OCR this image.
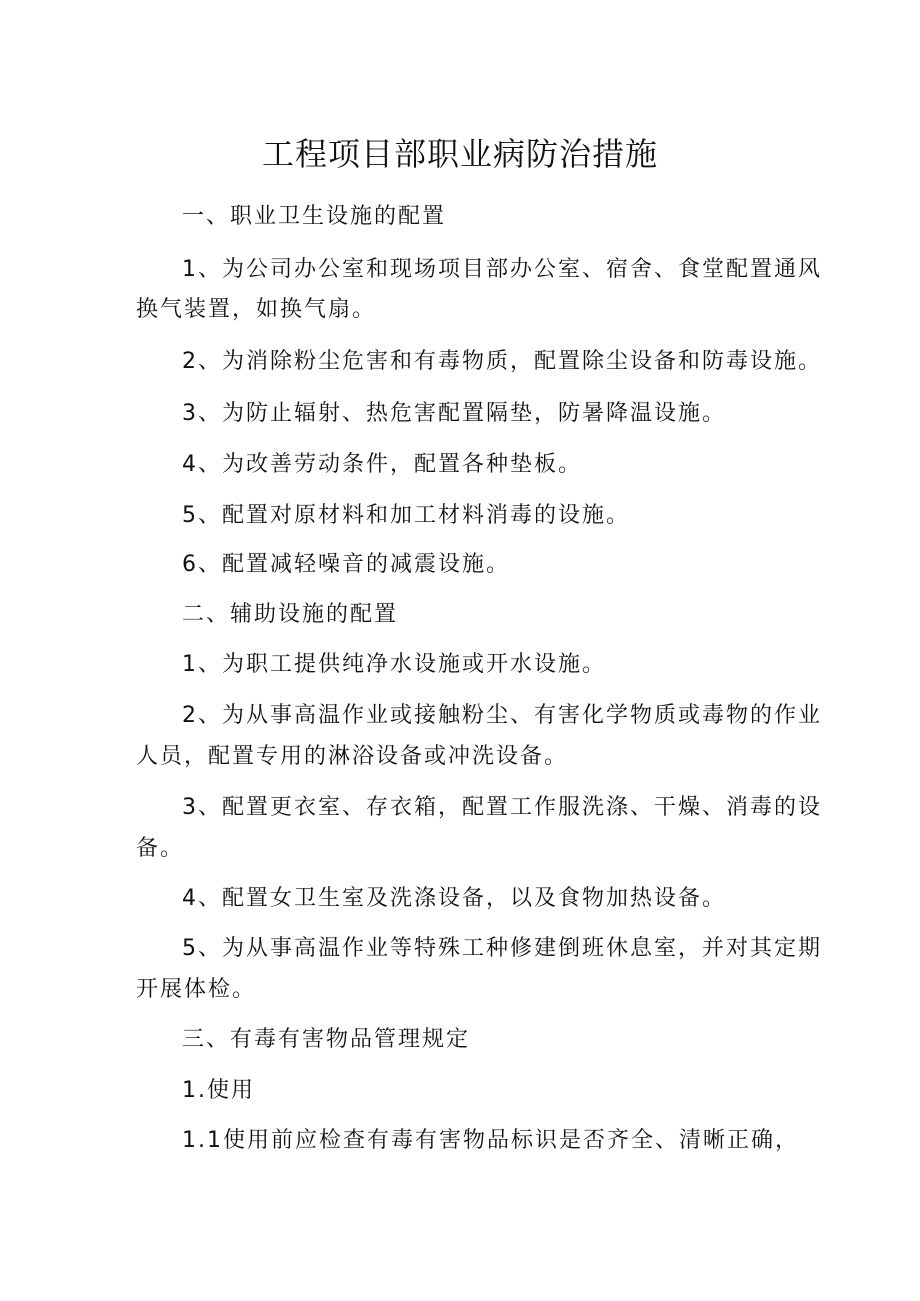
工程项目部职业病防治措施
一、职业卫生设施的配置
1、为公司办公室和现场项目部办公室、宿舍、食堂配置通风
换气装置，如换气扇。
2、为消除粉尘危害和有毒物质，配置除尘设备和防毒设施。
3、为防止辐射、热危害配置隔垫，防暑降温设施。
4、为改善劳动条件，配置各种垫板。
5、配置对原材料和加工材料消毒的设施。
6、配置减轻噪音的减震设施。
二、辅助设施的配置
1、为职工提供纯净水设施或开水设施。
2、为从事高温作业或接触粉尘、有害化学物质或毒物的作业
人员，配置专用的淋浴设备或冲洗设备。
3、配置更衣室、存衣箱，配置工作服洗涤、干燥、消毒的设
备。
4、配置女卫生室及洗涤设备，以及食物加热设备。
5、为从事高温作业等特殊工种修建倒班休息室，并对其定期
开展体检。
三、有毒有害物品管理规定
1.使用
1.1使用前应检查有毒有害物品标识是否齐全、清晰正确，
